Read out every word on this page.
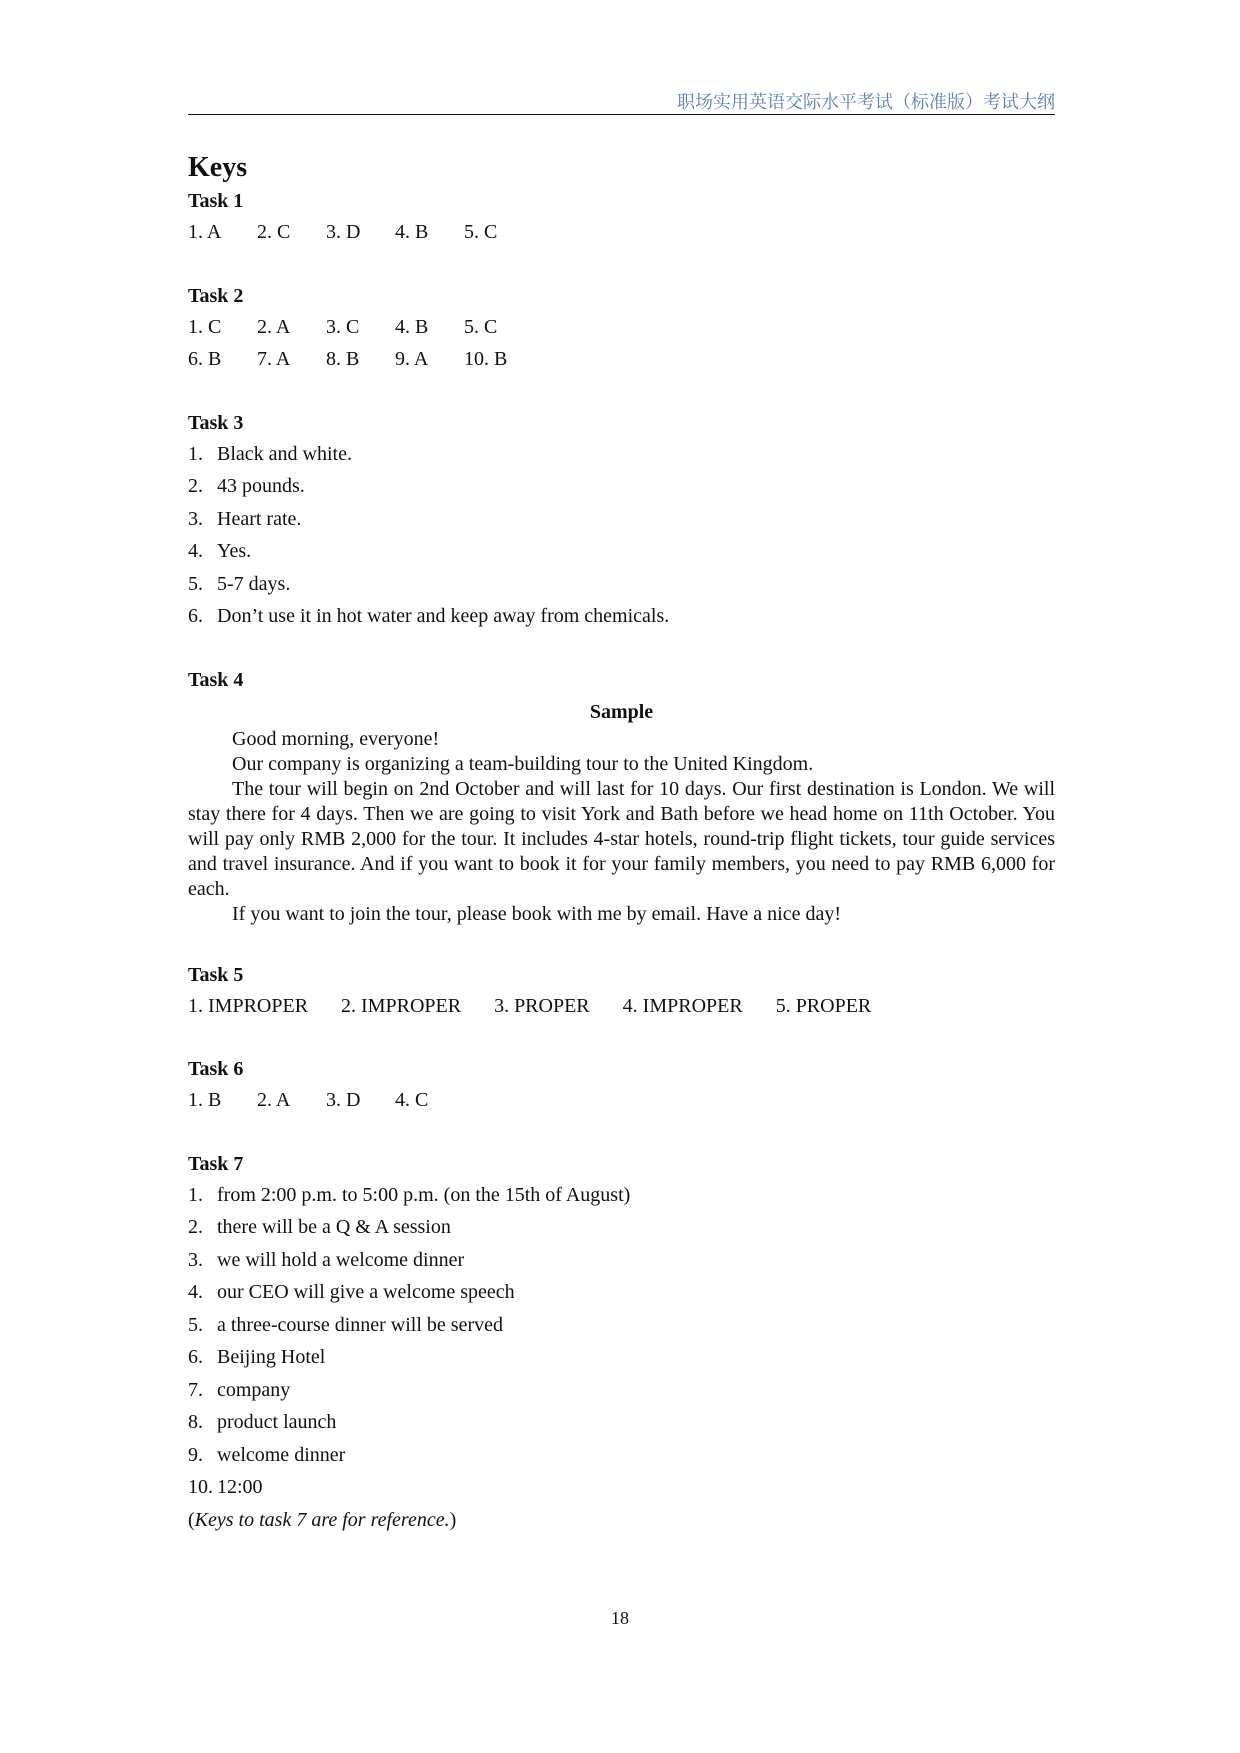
职场实用英语交际水平考试（标准版）考试大纲
Keys
Task 1
1. A 2. C 3. D 4. B 5. C
Task 2
1. C 2. A 3. C 4. B 5. C
6. B 7. A 8. B 9. A 10. B
Task 3
1. Black and white.
2. 43 pounds.
3. Heart rate.
4. Yes.
5. 5-7 days.
6. Don’t use it in hot water and keep away from chemicals.
Task 4
Sample

Good morning, everyone!

Our company is organizing a team-building tour to the United Kingdom.

The tour will begin on 2nd October and will last for 10 days. Our first destination is London. We will stay there for 4 days. Then we are going to visit York and Bath before we head home on 11th October. You will pay only RMB 2,000 for the tour. It includes 4-star hotels, round-trip flight tickets, tour guide services and travel insurance. And if you want to book it for your family members, you need to pay RMB 6,000 for each.

If you want to join the tour, please book with me by email. Have a nice day!

Task 5
1. IMPROPER 2. IMPROPER 3. PROPER 4. IMPROPER 5. PROPER
Task 6
1. B 2. A 3. D 4. C
Task 7
1. from 2:00 p.m. to 5:00 p.m. (on the 15th of August)
2. there will be a Q & A session
3. we will hold a welcome dinner
4. our CEO will give a welcome speech
5. a three-course dinner will be served
6. Beijing Hotel
7. company
8. product launch
9. welcome dinner
10. 12:00
(Keys to task 7 are for reference.)
18
